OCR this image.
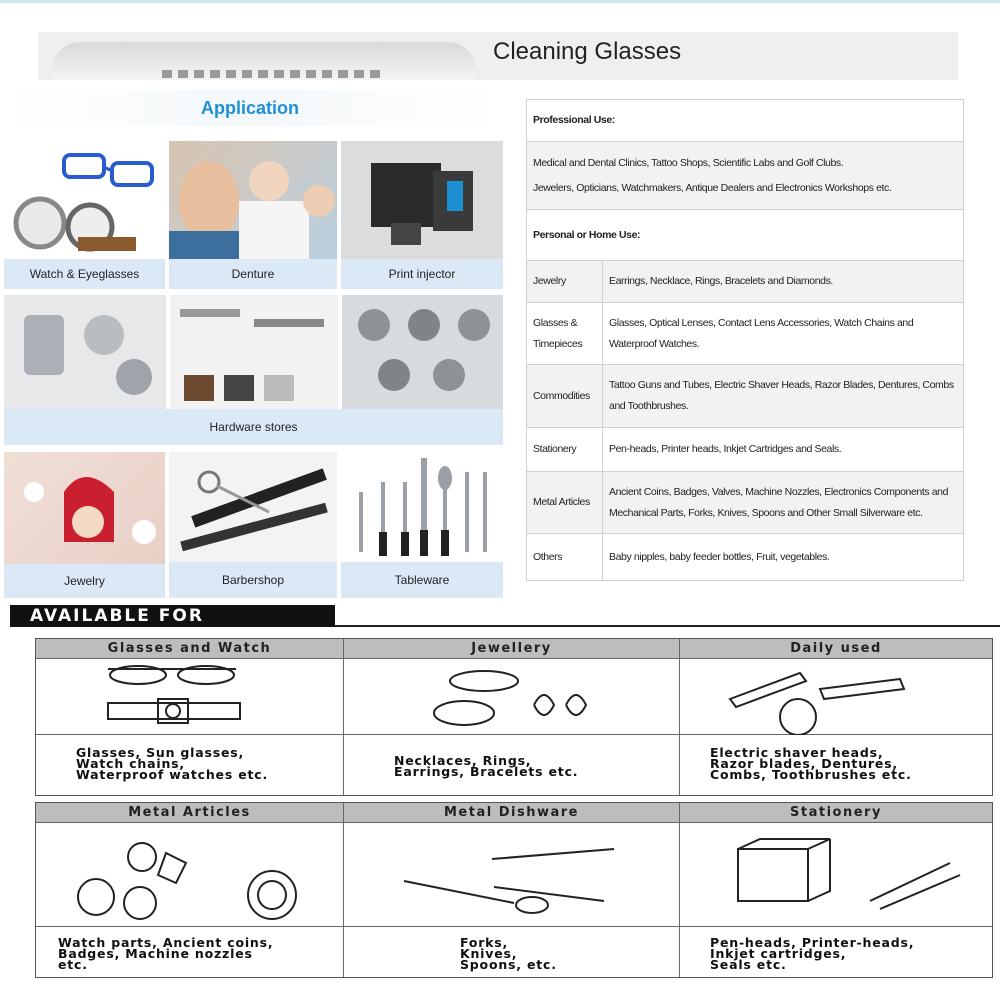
Cleaning Glasses
Application
Watch & Eyeglasses	Denture	Print injector
Hardware stores
Jewelry	Barbershop	Tableware
Professional Use:	

Medical and Dental Clinics, Tattoo Shops, Scientific Labs and Golf Clubs.
Jewelers, Opticians, Watchmakers, Antique Dealers and Electronics Workshops etc.	

Personal or Home Use:	
Jewelry	Earrings, Necklace, Rings, Bracelets and Diamonds.
Glasses & Timepieces	Glasses, Optical Lenses, Contact Lens Accessories, Watch Chains and Waterproof Watches.
Commodities	Tattoo Guns and Tubes, Electric Shaver Heads, Razor Blades, Dentures, Combs and Toothbrushes.
Stationery	Pen-heads, Printer heads, Inkjet Cartridges and Seals.
Metal Articles	Ancient Coins, Badges, Valves, Machine Nozzles, Electronics Components and Mechanical Parts, Forks, Knives, Spoons and Other Small Silverware etc.
Others	Baby nipples, baby feeder bottles, Fruit, vegetables.
AVAILABLE FOR
Glasses and Watch
Glasses, Sun glasses,
Watch chains,
Waterproof watches etc.
Jewellery
Necklaces, Rings,
Earrings, Bracelets etc.
Daily used
Electric shaver heads,
Razor blades, Dentures,
Combs, Toothbrushes etc.
Metal Articles
Watch parts, Ancient coins,
Badges, Machine nozzles
etc.
Metal Dishware
Forks,
Knives,
Spoons, etc.
Stationery
Pen-heads, Printer-heads,
Inkjet cartridges,
Seals etc.
